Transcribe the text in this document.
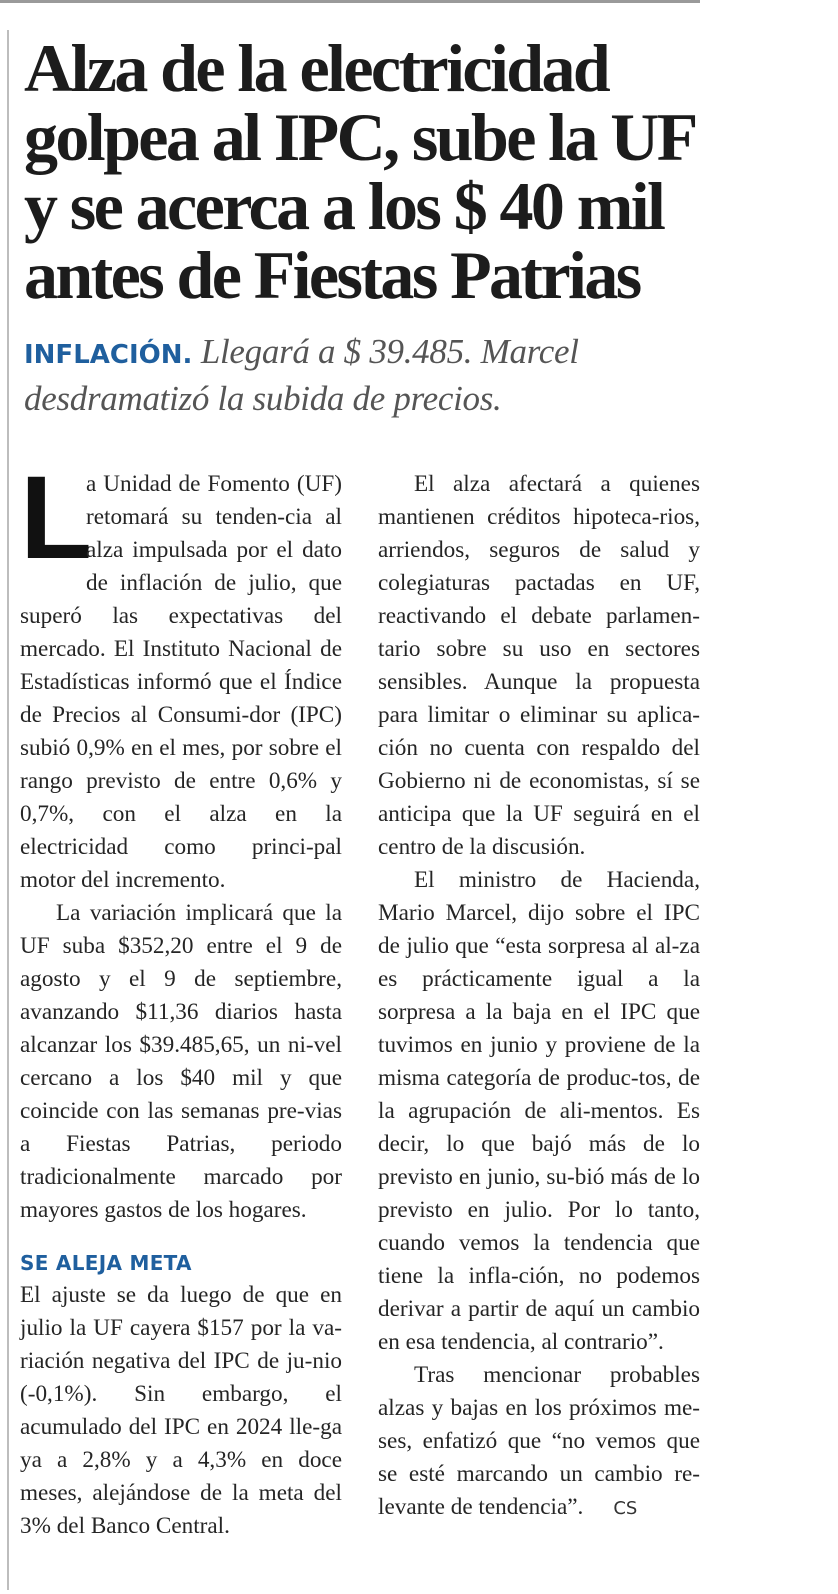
Alza de la electricidad
golpea al IPC, sube la UF
y se acerca a los $ 40 mil
antes de Fiestas Patrias
INFLACIÓN. Llegará a $ 39.485. Marcel desdramatizó la subida de precios.

L
a Unidad de Fomento (UF) retomará su tenden-cia al alza impulsada por el dato de inflación de julio, que superó las expectativas del mercado. El Instituto Nacional de Estadísticas informó que el Índice de Precios al Consumi-dor (IPC) subió 0,9% en el mes, por sobre el rango previsto de entre 0,6% y 0,7%, con el alza en la electricidad como princi-pal motor del incremento.

La variación implicará que la UF suba $352,20 entre el 9 de agosto y el 9 de septiembre, avanzando $11,36 diarios hasta alcanzar los $39.485,65, un ni-vel cercano a los $40 mil y que coincide con las semanas pre-vias a Fiestas Patrias, periodo tradicionalmente marcado por mayores gastos de los hogares.

SE ALEJA META

El ajuste se da luego de que en julio la UF cayera $157 por la va-riación negativa del IPC de ju-nio (-0,1%). Sin embargo, el acumulado del IPC en 2024 lle-ga ya a 2,8% y a 4,3% en doce meses, alejándose de la meta del 3% del Banco Central.

El alza afectará a quienes mantienen créditos hipoteca-rios, arriendos, seguros de salud y colegiaturas pactadas en UF, reactivando el debate parlamen-tario sobre su uso en sectores sensibles. Aunque la propuesta para limitar o eliminar su aplica-ción no cuenta con respaldo del Gobierno ni de economistas, sí se anticipa que la UF seguirá en el centro de la discusión.

El ministro de Hacienda, Mario Marcel, dijo sobre el IPC de julio que “esta sorpresa al al-za es prácticamente igual a la sorpresa a la baja en el IPC que tuvimos en junio y proviene de la misma categoría de produc-tos, de la agrupación de ali-mentos. Es decir, lo que bajó más de lo previsto en junio, su-bió más de lo previsto en julio. Por lo tanto, cuando vemos la tendencia que tiene la infla-ción, no podemos derivar a partir de aquí un cambio en esa tendencia, al contrario”.

Tras mencionar probables alzas y bajas en los próximos me-ses, enfatizó que “no vemos que se esté marcando un cambio re-levante de tendencia”. CS
